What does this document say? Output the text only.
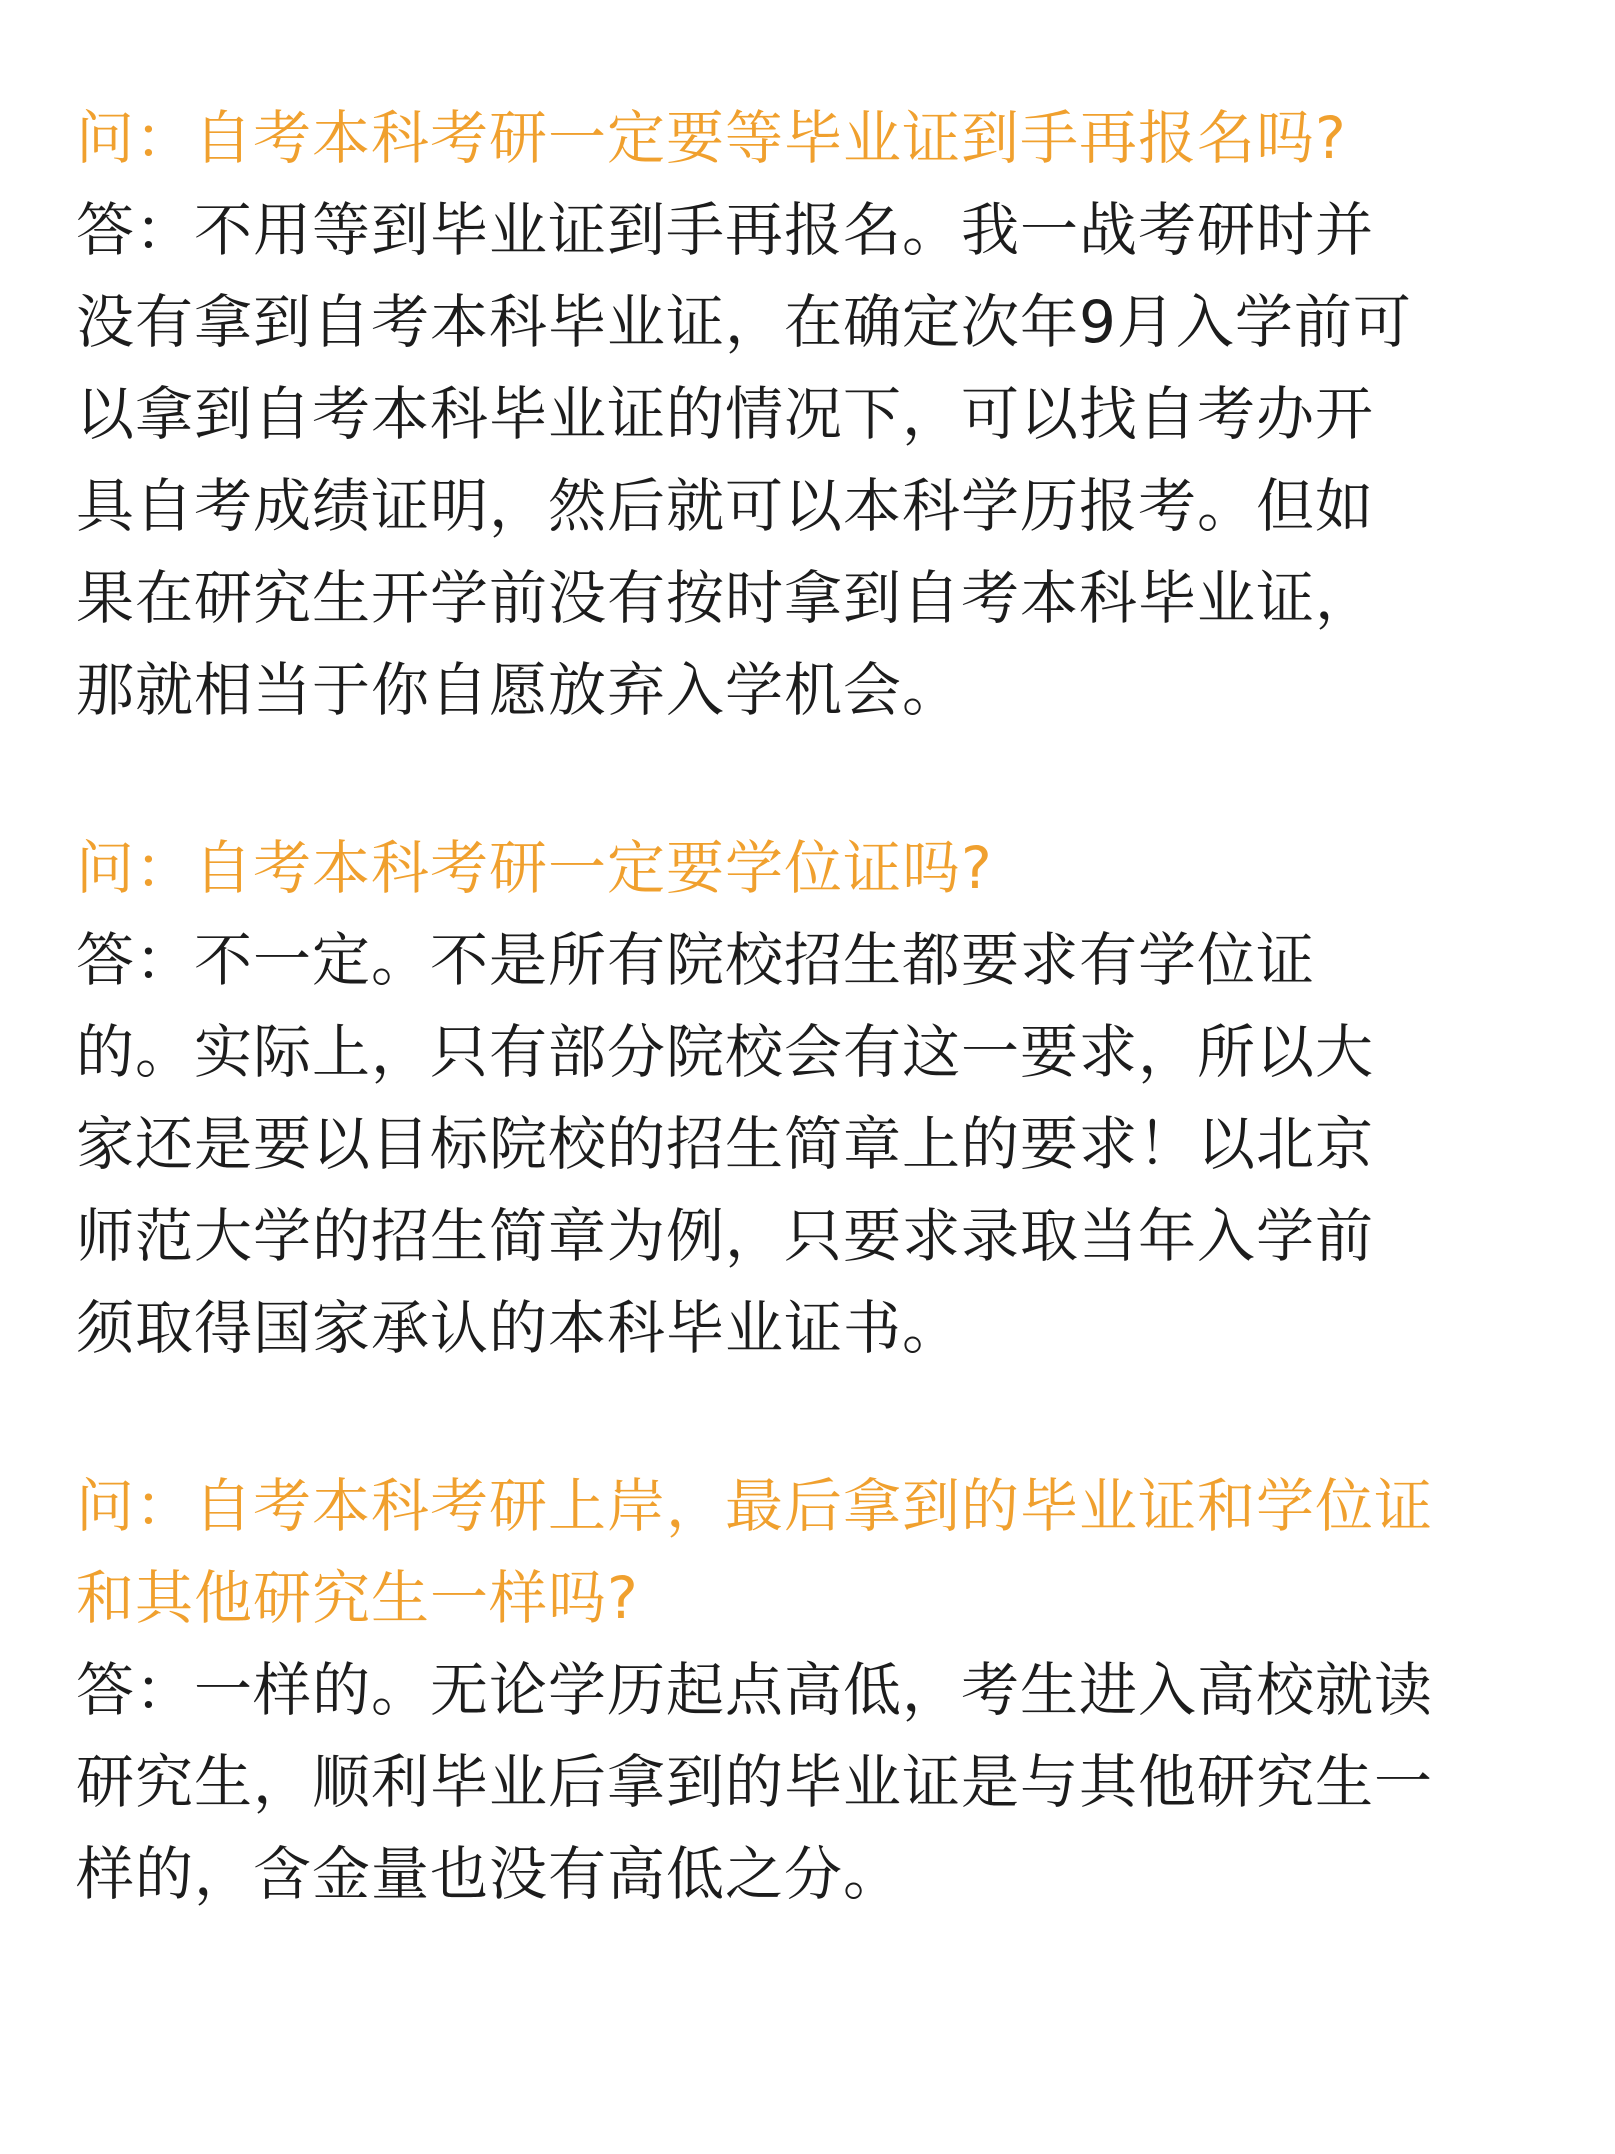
问：自考本科考研一定要等毕业证到手再报名吗?
答：不用等到毕业证到手再报名。我一战考研时并
没有拿到自考本科毕业证，在确定次年9月入学前可
以拿到自考本科毕业证的情况下，可以找自考办开
具自考成绩证明，然后就可以本科学历报考。但如
果在研究生开学前没有按时拿到自考本科毕业证，
那就相当于你自愿放弃入学机会。
问：自考本科考研一定要学位证吗?
答：不一定。不是所有院校招生都要求有学位证
的。实际上，只有部分院校会有这一要求，所以大
家还是要以目标院校的招生简章上的要求！以北京
师范大学的招生简章为例，只要求录取当年入学前
须取得国家承认的本科毕业证书。
问：自考本科考研上岸，最后拿到的毕业证和学位证
和其他研究生一样吗?
答：一样的。无论学历起点高低，考生进入高校就读
研究生，顺利毕业后拿到的毕业证是与其他研究生一
样的，含金量也没有高低之分。
